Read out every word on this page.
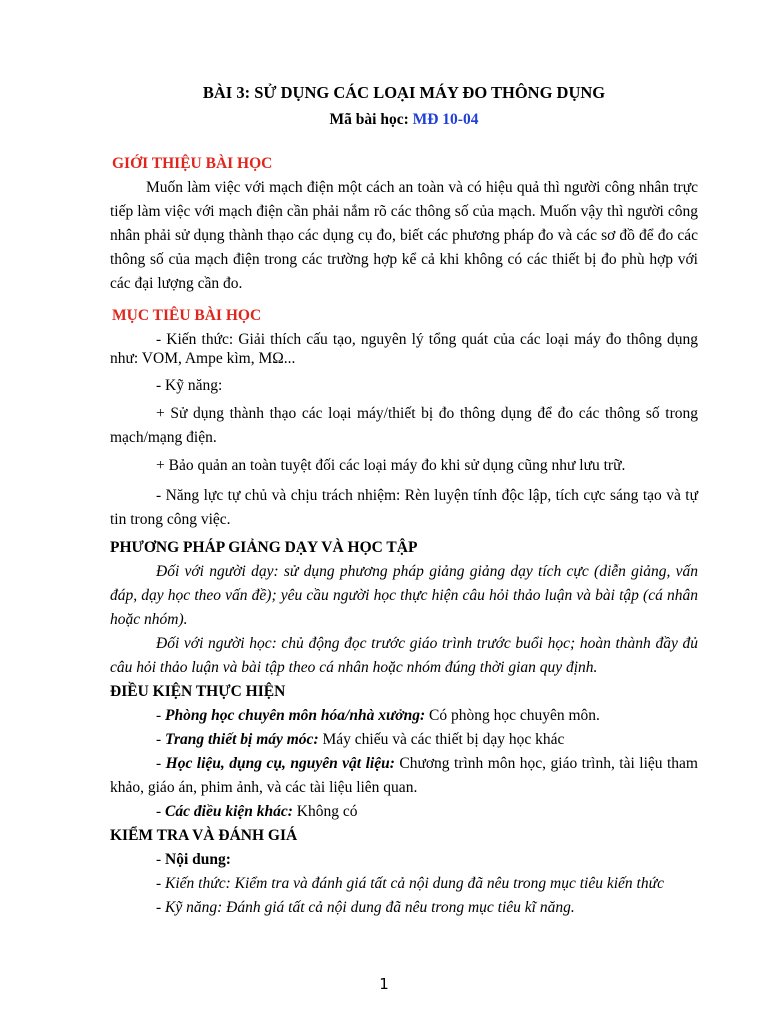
BÀI 3: SỬ DỤNG CÁC LOẠI MÁY ĐO THÔNG DỤNG
Mã bài học: MĐ 10-04
GIỚI THIỆU BÀI HỌC

Muốn làm việc với mạch điện một cách an toàn và có hiệu quả thì người công nhân trực tiếp làm việc với mạch điện cần phải nắm rõ các thông số của mạch. Muốn vậy thì người công nhân phải sử dụng thành thạo các dụng cụ đo, biết các phương pháp đo và các sơ đồ để đo các thông số của mạch điện trong các trường hợp kể cả khi không có các thiết bị đo phù hợp với các đại lượng cần đo.

MỤC TIÊU BÀI HỌC

- Kiến thức: Giải thích cấu tạo, nguyên lý tổng quát của các loại máy đo thông dụng như: VOM, Ampe kìm, MΩ...

- Kỹ năng:

+ Sử dụng thành thạo các loại máy/thiết bị đo thông dụng để đo các thông số trong mạch/mạng điện.

+ Bảo quản an toàn tuyệt đối các loại máy đo khi sử dụng cũng như lưu trữ.

- Năng lực tự chủ và chịu trách nhiệm: Rèn luyện tính độc lập, tích cực sáng tạo và tự tin trong công việc.

PHƯƠNG PHÁP GIẢNG DẠY VÀ HỌC TẬP

Đối với người dạy: sử dụng phương pháp giảng giảng dạy tích cực (diễn giảng, vấn đáp, dạy học theo vấn đề); yêu cầu người học thực hiện câu hỏi thảo luận và bài tập (cá nhân hoặc nhóm).

Đối với người học: chủ động đọc trước giáo trình trước buổi học; hoàn thành đầy đủ câu hỏi thảo luận và bài tập theo cá nhân hoặc nhóm đúng thời gian quy định.

ĐIỀU KIỆN THỰC HIỆN

- Phòng học chuyên môn hóa/nhà xưởng: Có phòng học chuyên môn.

- Trang thiết bị máy móc: Máy chiếu và các thiết bị dạy học khác

- Học liệu, dụng cụ, nguyên vật liệu: Chương trình môn học, giáo trình, tài liệu tham khảo, giáo án, phim ảnh, và các tài liệu liên quan.

- Các điều kiện khác: Không có

KIỂM TRA VÀ ĐÁNH GIÁ

- Nội dung:

- Kiến thức: Kiểm tra và đánh giá tất cả nội dung đã nêu trong mục tiêu kiến thức

- Kỹ năng: Đánh giá tất cả nội dung đã nêu trong mục tiêu kĩ năng.

1
